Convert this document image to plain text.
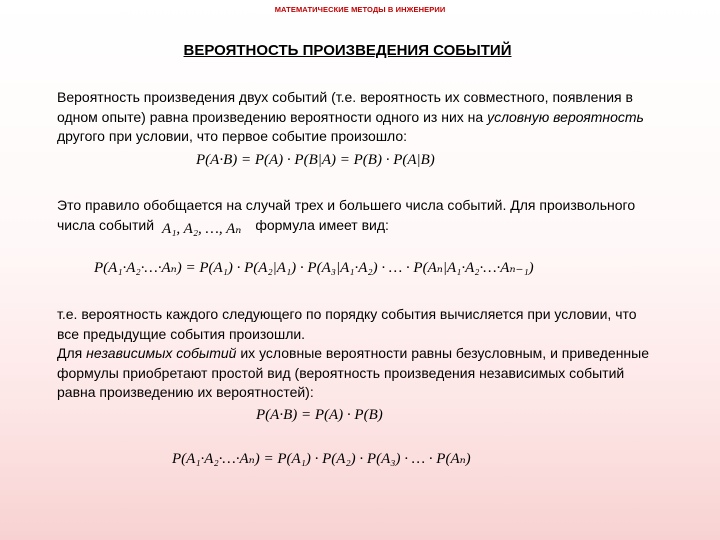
МАТЕМАТИЧЕСКИЕ МЕТОДЫ В ИНЖЕНЕРИИ
ВЕРОЯТНОСТЬ ПРОИЗВЕДЕНИЯ СОБЫТИЙ
Вероятность произведения двух событий (т.е. вероятность их совместного, появления в одном опыте) равна произведению вероятности одного из них на условную вероятность другого при условии, что первое событие произошло:
P(A·B) = P(A) · P(B|A) = P(B) · P(A|B)
Это правило обобщается на случай трех и большего числа событий. Для произвольного числа событий A₁, A₂, …, Aₙ формула имеет вид:
P(A₁·A₂·…·Aₙ) = P(A₁) · P(A₂|A₁) · P(A₃|A₁·A₂) · … · P(Aₙ|A₁·A₂·…·Aₙ₋₁)
т.е. вероятность каждого следующего по порядку события вычисляется при условии, что все предыдущие события произошли.
Для независимых событий их условные вероятности равны безусловным, и приведенные формулы приобретают простой вид (вероятность произведения независимых событий равна произведению их вероятностей):
P(A·B) = P(A) · P(B)
P(A₁·A₂·…·Aₙ) = P(A₁) · P(A₂) · P(A₃) · … · P(Aₙ)
